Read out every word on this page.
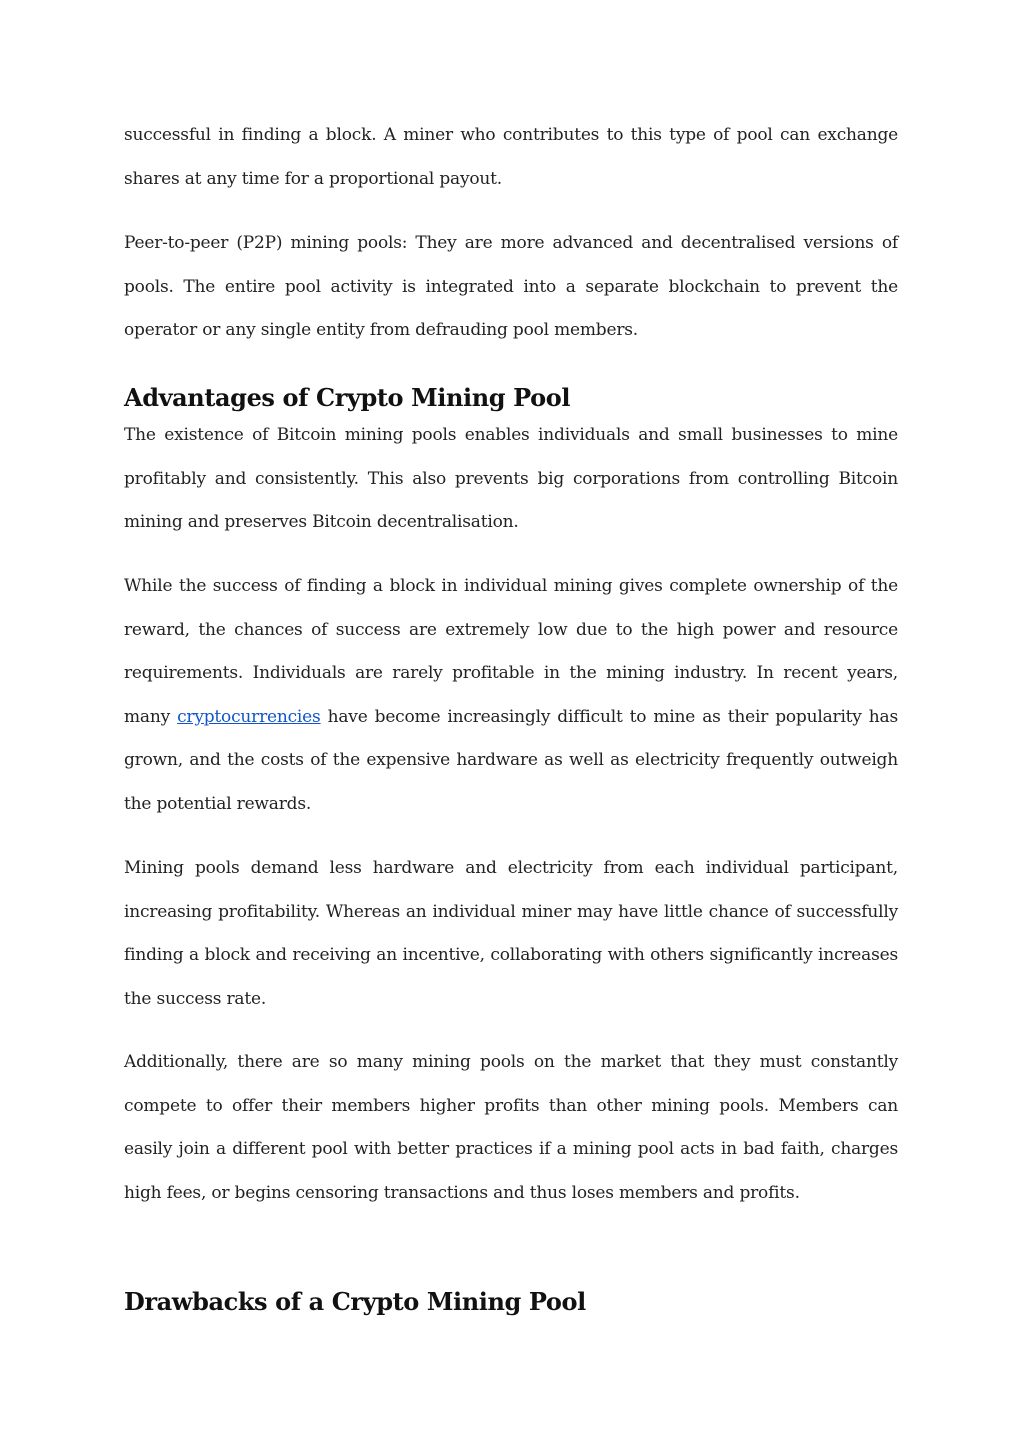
successful in finding a block. A miner who contributes to this type of pool can exchange shares at any time for a proportional payout.

Peer-to-peer (P2P) mining pools: They are more advanced and decentralised versions of pools. The entire pool activity is integrated into a separate blockchain to prevent the operator or any single entity from defrauding pool members.

Advantages of Crypto Mining Pool

The existence of Bitcoin mining pools enables individuals and small businesses to mine profitably and consistently. This also prevents big corporations from controlling Bitcoin mining and preserves Bitcoin decentralisation.

While the success of finding a block in individual mining gives complete ownership of the reward, the chances of success are extremely low due to the high power and resource requirements. Individuals are rarely profitable in the mining industry. In recent years, many cryptocurrencies have become increasingly difficult to mine as their popularity has grown, and the costs of the expensive hardware as well as electricity frequently outweigh the potential rewards.

Mining pools demand less hardware and electricity from each individual participant, increasing profitability. Whereas an individual miner may have little chance of successfully finding a block and receiving an incentive, collaborating with others significantly increases the success rate.

Additionally, there are so many mining pools on the market that they must constantly compete to offer their members higher profits than other mining pools. Members can easily join a different pool with better practices if a mining pool acts in bad faith, charges high fees, or begins censoring transactions and thus loses members and profits.

Drawbacks of a Crypto Mining Pool
